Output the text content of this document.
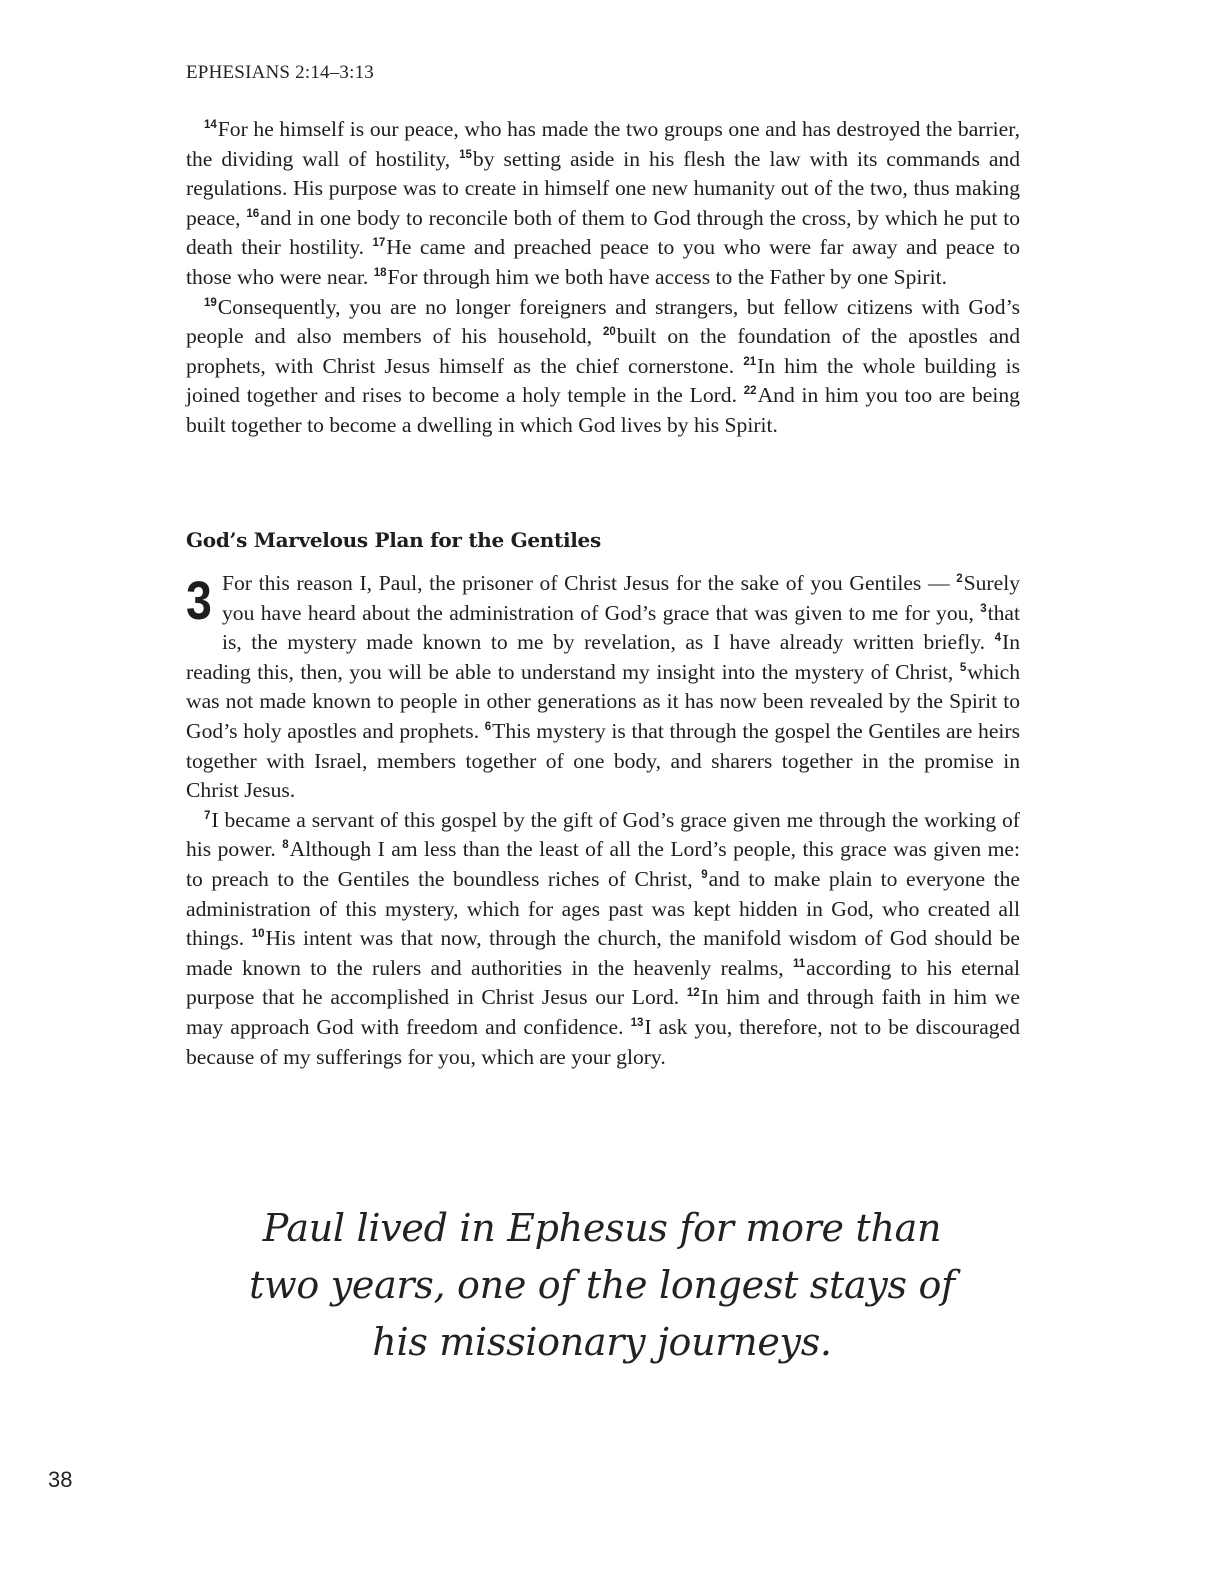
EPHESIANS 2:14–3:13

$^{14}$For he himself is our peace, who has made the two groups one and has destroyed the barrier, the dividing wall of hostility, $^{15}$by setting aside in his flesh the law with its commands and regulations. His purpose was to create in himself one new humanity out of the two, thus making peace, $^{16}$and in one body to reconcile both of them to God through the cross, by which he put to death their hostility. $^{17}$He came and preached peace to you who were far away and peace to those who were near. $^{18}$For through him we both have access to the Father by one Spirit.

$^{19}$Consequently, you are no longer foreigners and strangers, but fellow citizens with God’s people and also members of his household, $^{20}$built on the foundation of the apostles and prophets, with Christ Jesus himself as the chief cornerstone. $^{21}$In him the whole building is joined together and rises to become a holy temple in the Lord. $^{22}$And in him you too are being built together to become a dwelling in which God lives by his Spirit.

God’s Marvelous Plan for the Gentiles

3 For this reason I, Paul, the prisoner of Christ Jesus for the sake of you Gentiles — $^2$Surely you have heard about the administration of God’s grace that was given to me for you, $^3$that is, the mystery made known to me by revelation, as I have already written briefly. $^4$In reading this, then, you will be able to understand my insight into the mystery of Christ, $^5$which was not made known to people in other generations as it has now been revealed by the Spirit to God’s holy apostles and prophets. $^6$This mystery is that through the gospel the Gentiles are heirs together with Israel, members together of one body, and sharers together in the promise in Christ Jesus.

$^7$I became a servant of this gospel by the gift of God’s grace given me through the working of his power. $^8$Although I am less than the least of all the Lord’s people, this grace was given me: to preach to the Gentiles the boundless riches of Christ, $^9$and to make plain to everyone the administration of this mystery, which for ages past was kept hidden in God, who created all things. $^{10}$His intent was that now, through the church, the manifold wisdom of God should be made known to the rulers and authorities in the heavenly realms, $^{11}$according to his eternal purpose that he accomplished in Christ Jesus our Lord. $^{12}$In him and through faith in him we may approach God with freedom and confidence. $^{13}$I ask you, therefore, not to be discouraged because of my sufferings for you, which are your glory.

Paul lived in Ephesus for more than two years, one of the longest stays of his missionary journeys.
38
